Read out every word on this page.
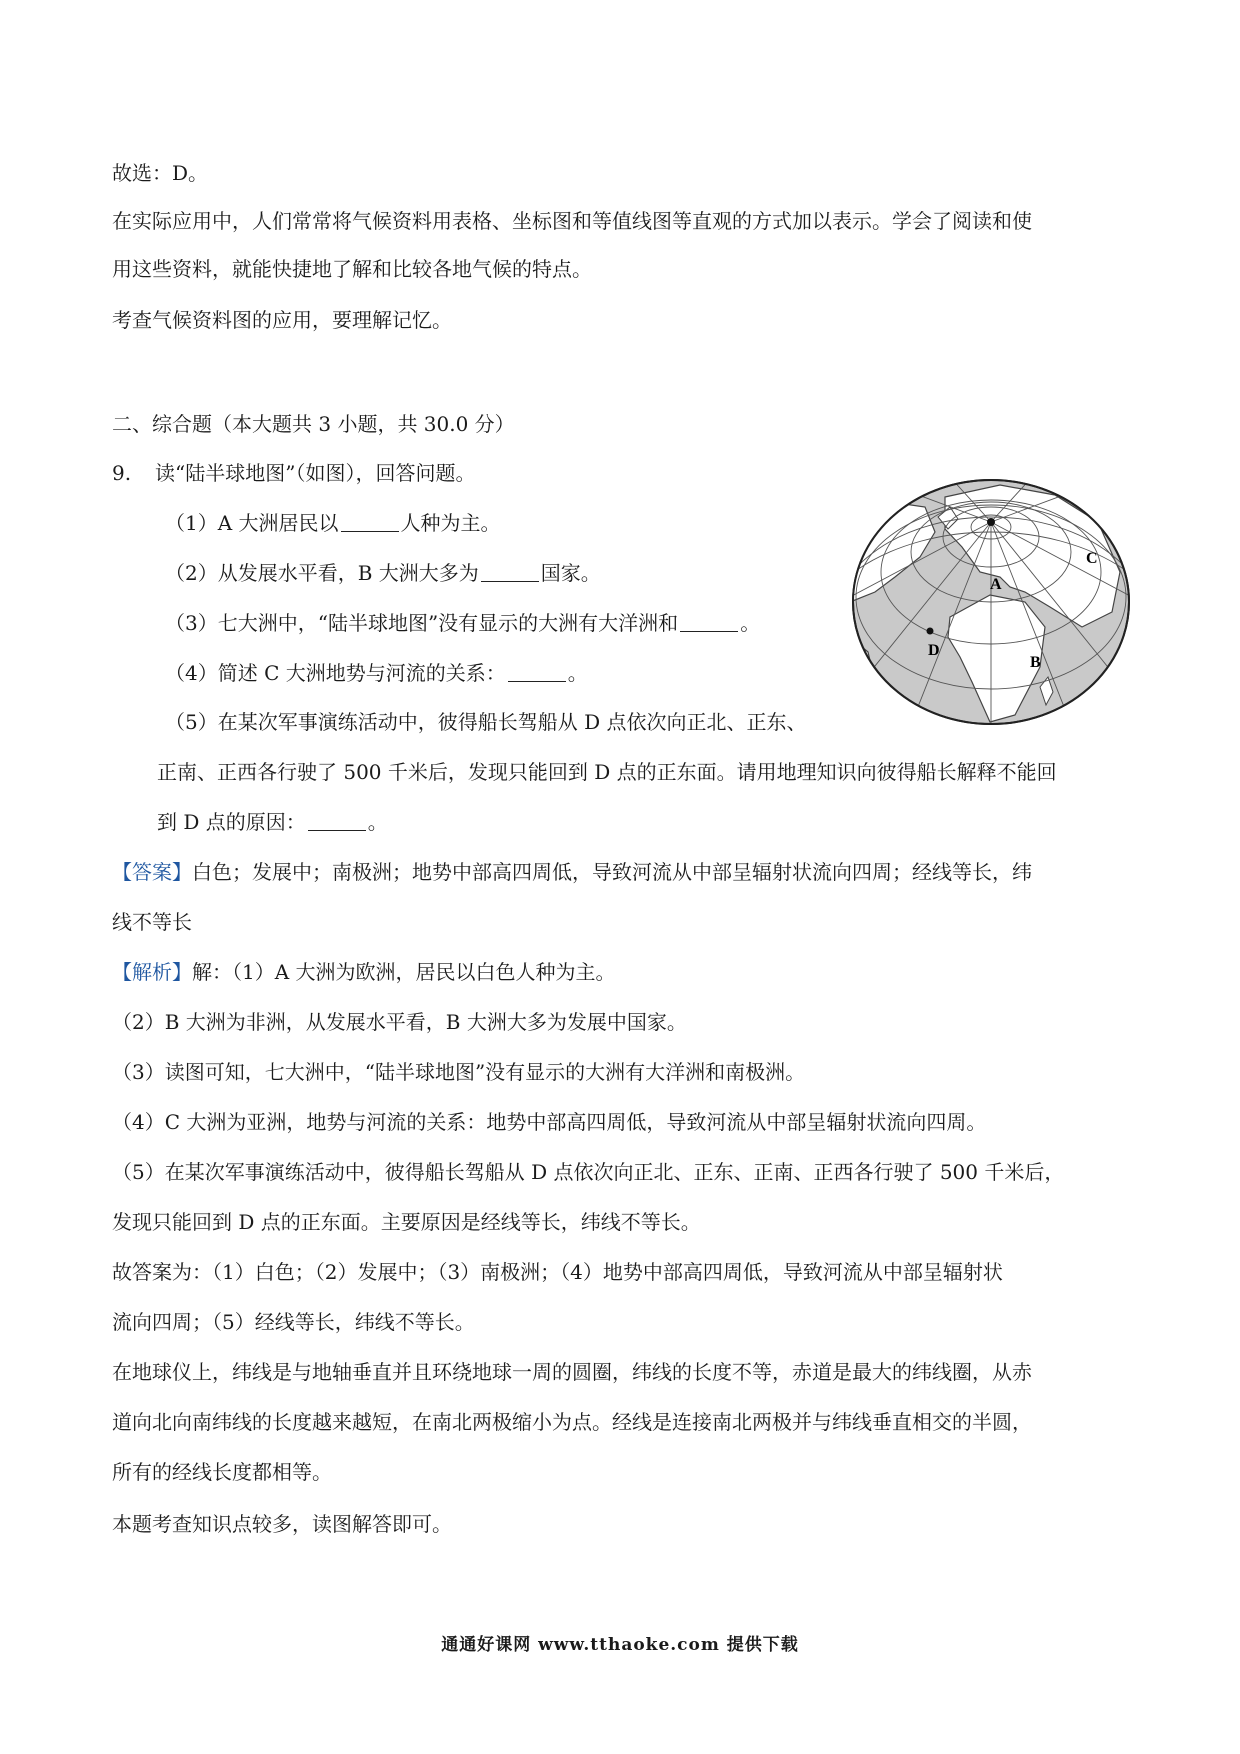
故选：D。
在实际应用中，人们常常将气候资料用表格、坐标图和等值线图等直观的方式加以表示。学会了阅读和使
用这些资料，就能快捷地了解和比较各地气候的特点。
考查气候资料图的应用，要理解记忆。
二、综合题（本大题共 3 小题，共 30.0 分）
9. 读“陆半球地图”（如图），回答问题。
（1）A 大洲居民以	人种为主。
（2）从发展水平看，B 大洲大多为	国家。
（3）七大洲中，“陆半球地图”没有显示的大洲有大洋洲和	。
（4）简述 C 大洲地势与河流的关系：	。
（5）在某次军事演练活动中，彼得船长驾船从 D 点依次向正北、正东、
正南、正西各行驶了 500 千米后，发现只能回到 D 点的正东面。请用地理知识向彼得船长解释不能回
到 D 点的原因：	。
A
B
C
D
【答案】白色；发展中；南极洲；地势中部高四周低，导致河流从中部呈辐射状流向四周；经线等长，纬
线不等长
【解析】解：（1）A 大洲为欧洲，居民以白色人种为主。
（2）B 大洲为非洲，从发展水平看，B 大洲大多为发展中国家。
（3）读图可知，七大洲中，“陆半球地图”没有显示的大洲有大洋洲和南极洲。
（4）C 大洲为亚洲，地势与河流的关系：地势中部高四周低，导致河流从中部呈辐射状流向四周。
（5）在某次军事演练活动中，彼得船长驾船从 D 点依次向正北、正东、正南、正西各行驶了 500 千米后，
发现只能回到 D 点的正东面。主要原因是经线等长，纬线不等长。
故答案为：（1）白色；（2）发展中；（3）南极洲；（4）地势中部高四周低，导致河流从中部呈辐射状
流向四周；（5）经线等长，纬线不等长。
在地球仪上，纬线是与地轴垂直并且环绕地球一周的圆圈，纬线的长度不等，赤道是最大的纬线圈，从赤
道向北向南纬线的长度越来越短，在南北两极缩小为点。经线是连接南北两极并与纬线垂直相交的半圆，
所有的经线长度都相等。
本题考查知识点较多，读图解答即可。
通通好课网 www.tthaoke.com 提供下载
